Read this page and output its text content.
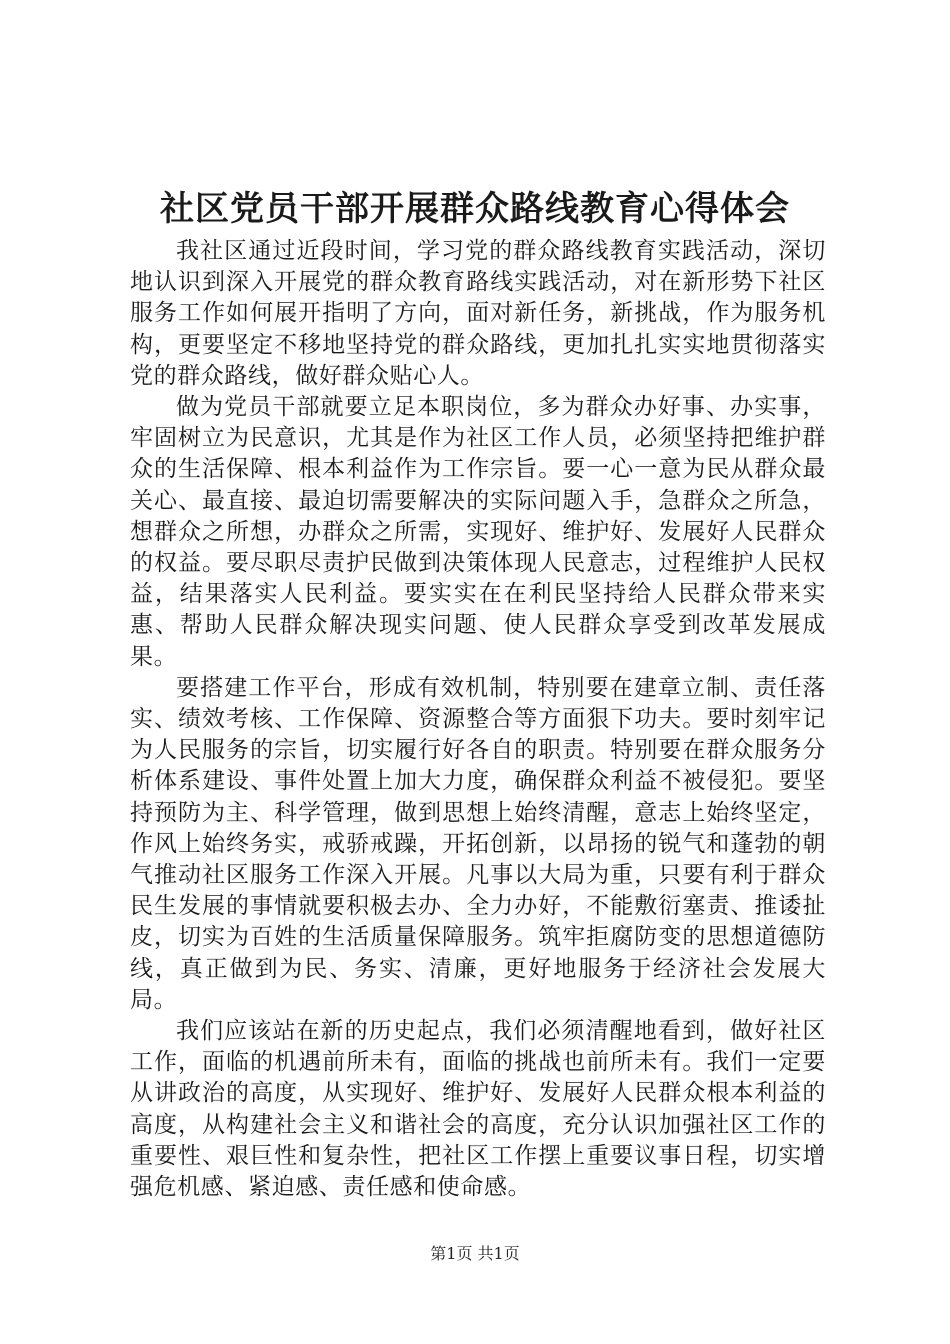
社区党员干部开展群众路线教育心得体会

我社区通过近段时间，学习党的群众路线教育实践活动，深切地认识到深入开展党的群众教育路线实践活动，对在新形势下社区服务工作如何展开指明了方向，面对新任务，新挑战，作为服务机构，更要坚定不移地坚持党的群众路线，更加扎扎实实地贯彻落实党的群众路线，做好群众贴心人。

做为党员干部就要立足本职岗位，多为群众办好事、办实事，牢固树立为民意识，尤其是作为社区工作人员，必须坚持把维护群众的生活保障、根本利益作为工作宗旨。要一心一意为民从群众最关心、最直接、最迫切需要解决的实际问题入手，急群众之所急，想群众之所想，办群众之所需，实现好、维护好、发展好人民群众的权益。要尽职尽责护民做到决策体现人民意志，过程维护人民权益，结果落实人民利益。要实实在在利民坚持给人民群众带来实惠、帮助人民群众解决现实问题、使人民群众享受到改革发展成果。

要搭建工作平台，形成有效机制，特别要在建章立制、责任落实、绩效考核、工作保障、资源整合等方面狠下功夫。要时刻牢记为人民服务的宗旨，切实履行好各自的职责。特别要在群众服务分析体系建设、事件处置上加大力度，确保群众利益不被侵犯。要坚持预防为主、科学管理，做到思想上始终清醒，意志上始终坚定，作风上始终务实，戒骄戒躁，开拓创新，以昂扬的锐气和蓬勃的朝气推动社区服务工作深入开展。凡事以大局为重，只要有利于群众民生发展的事情就要积极去办、全力办好，不能敷衍塞责、推诿扯皮，切实为百姓的生活质量保障服务。筑牢拒腐防变的思想道德防线，真正做到为民、务实、清廉，更好地服务于经济社会发展大局。

我们应该站在新的历史起点，我们必须清醒地看到，做好社区工作，面临的机遇前所未有，面临的挑战也前所未有。我们一定要从讲政治的高度，从实现好、维护好、发展好人民群众根本利益的高度，从构建社会主义和谐社会的高度，充分认识加强社区工作的重要性、艰巨性和复杂性，把社区工作摆上重要议事日程，切实增强危机感、紧迫感、责任感和使命感。

第1页 共1页
